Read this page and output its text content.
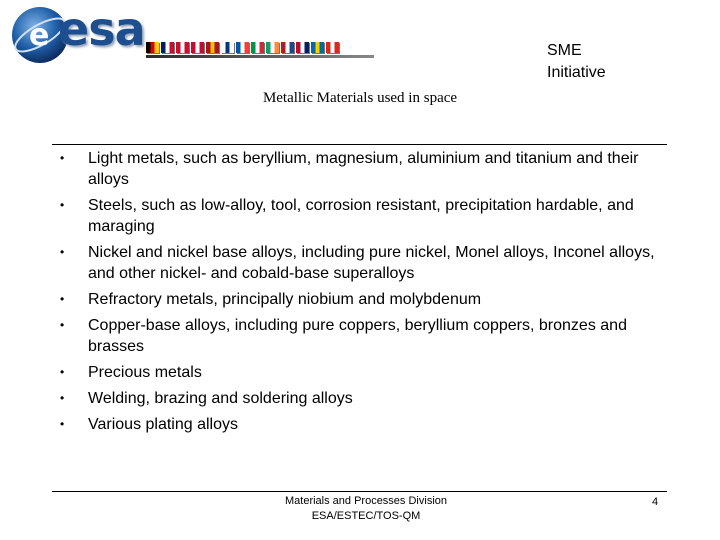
e esa	SME
Initiative
Metallic Materials used in space
• Light metals, such as beryllium, magnesium, aluminium and titanium and their alloys
• Steels, such as low-alloy, tool, corrosion resistant, precipitation hardable, and maraging
• Nickel and nickel base alloys, including pure nickel, Monel alloys, Inconel alloys, and other nickel- and cobald-base superalloys
• Refractory metals, principally niobium and molybdenum
• Copper-base alloys, including pure coppers, beryllium coppers, bronzes and brasses
• Precious metals
• Welding, brazing and soldering alloys
• Various plating alloys
Materials and Processes Division
ESA/ESTEC/TOS-QM
4
